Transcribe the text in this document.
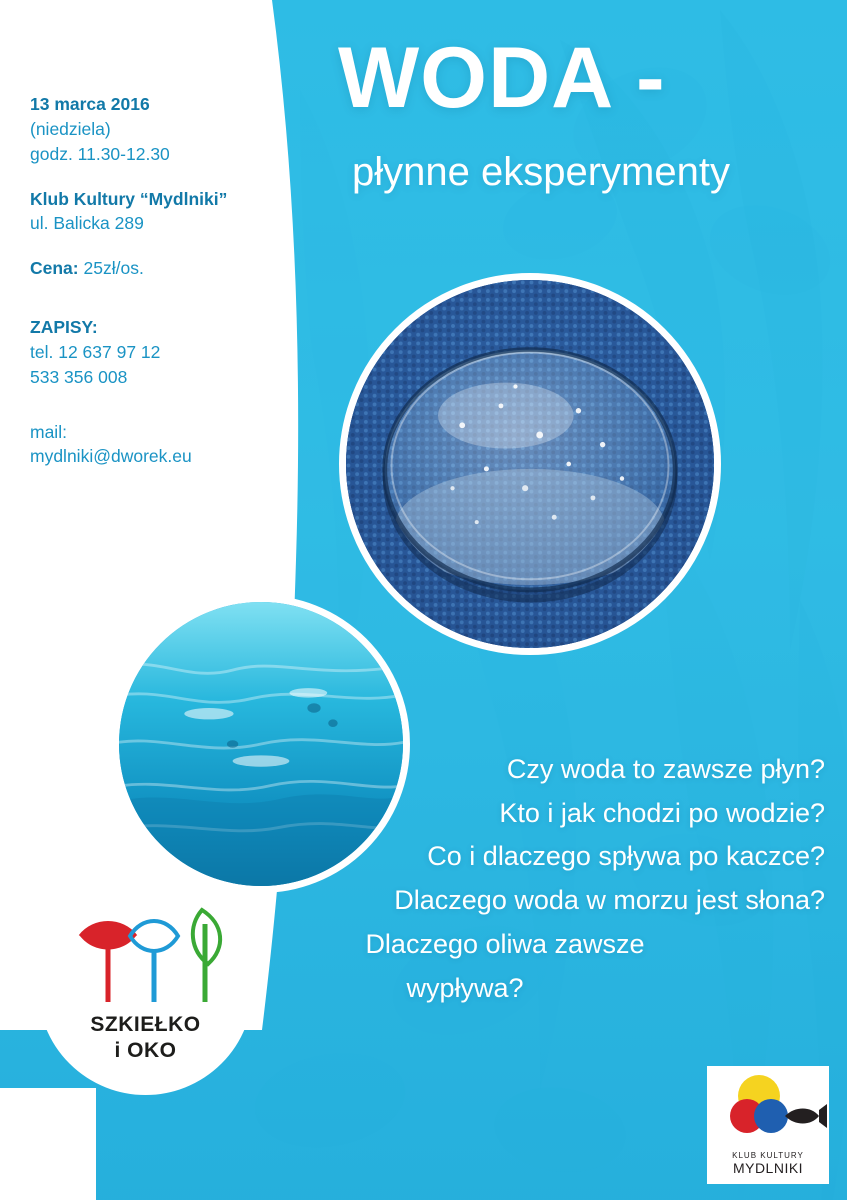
13 marca 2016
(niedziela)
godz. 11.30-12.30
Klub Kultury “Mydlniki”
ul. Balicka 289
Cena: 25zł/os.
ZAPISY:
tel. 12 637 97 12
533 356 008
mail:
mydlniki@dworek.eu
WODA -
płynne eksperymenty
Czy woda to zawsze płyn?
Kto i jak chodzi po wodzie?
Co i dlaczego spływa po kaczce?
Dlaczego woda w morzu jest słona?
Dlaczego oliwa zawsze
wypływa?
SZKIEŁKO
i OKO
KLUB KULTURY
MYDLNIKI
